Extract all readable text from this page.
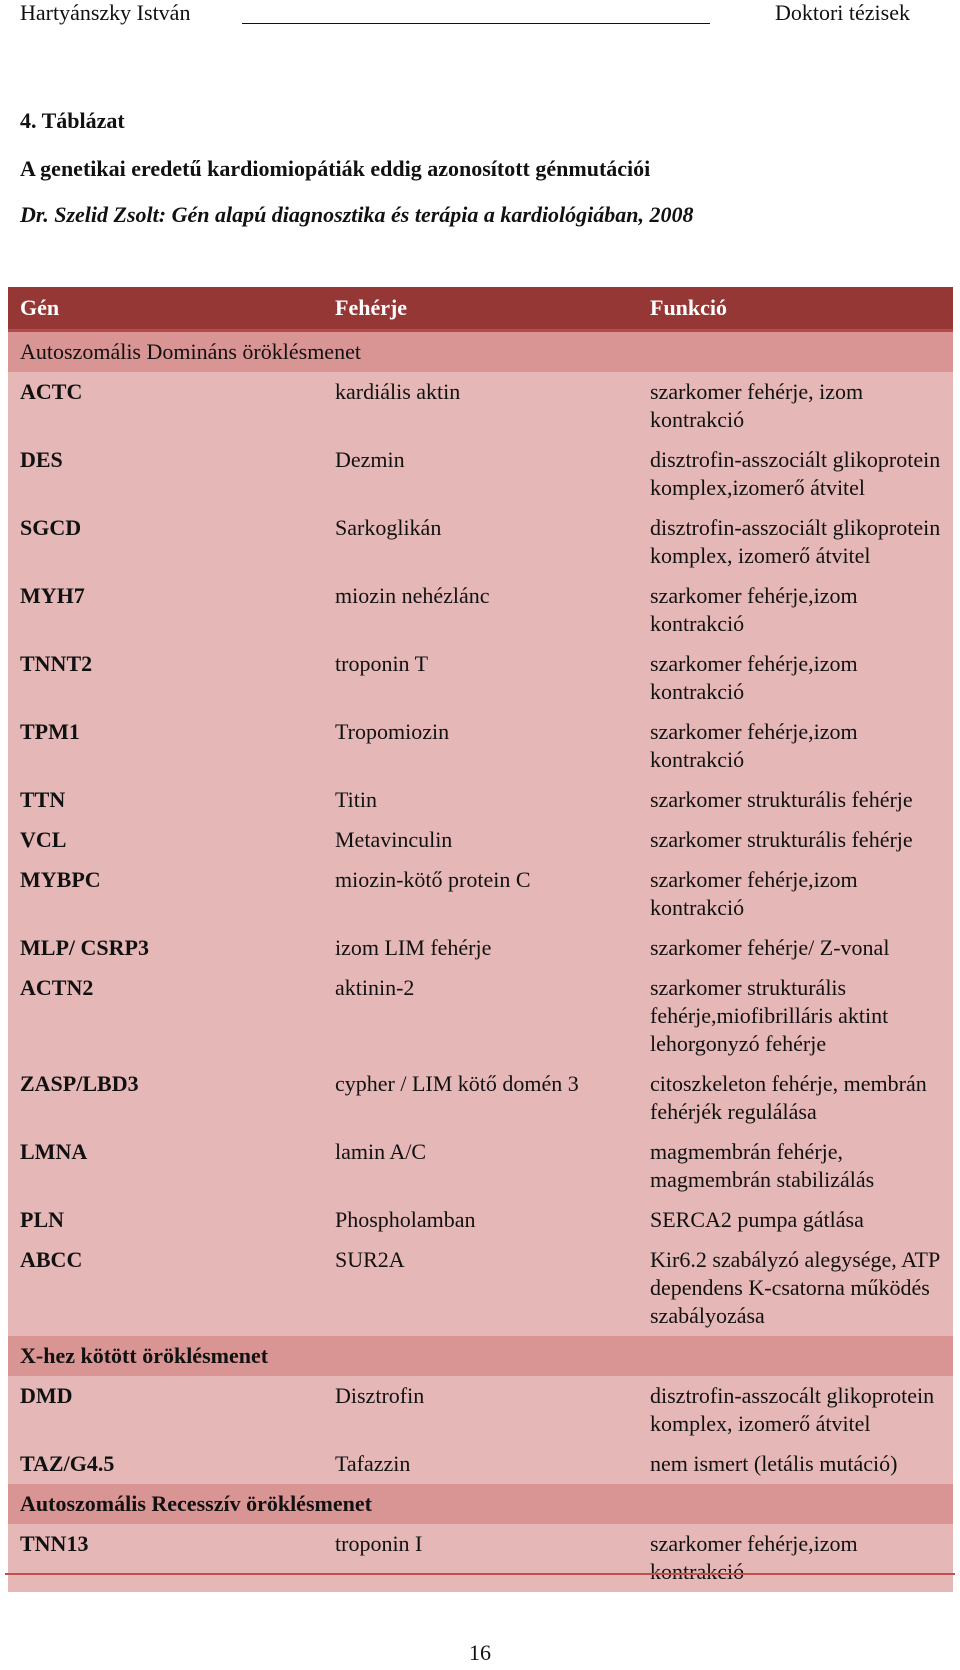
Hartyánszky István	Doktori tézisek
4. Táblázat
A genetikai eredetű kardiomiopátiák eddig azonosított génmutációi
Dr. Szelid Zsolt: Gén alapú diagnosztika és terápia a kardiológiában, 2008
Gén	Fehérje	Funkció
Autoszomális Domináns öröklésmenet		
ACTC	kardiális aktin	szarkomer fehérje, izom kontrakció
DES	Dezmin	disztrofin-asszociált glikoprotein komplex,izomerő átvitel
SGCD	Sarkoglikán	disztrofin-asszociált glikoprotein komplex, izomerő átvitel
MYH7	miozin nehézlánc	szarkomer fehérje,izom kontrakció
TNNT2	troponin T	szarkomer fehérje,izom kontrakció
TPM1	Tropomiozin	szarkomer fehérje,izom kontrakció
TTN	Titin	szarkomer strukturális fehérje
VCL	Metavinculin	szarkomer strukturális fehérje
MYBPC	miozin-kötő protein C	szarkomer fehérje,izom kontrakció
MLP/ CSRP3	izom LIM fehérje	szarkomer fehérje/ Z-vonal
ACTN2	aktinin-2	szarkomer strukturális fehérje,miofibrilláris aktint lehorgonyzó fehérje
ZASP/LBD3	cypher / LIM kötő domén 3	citoszkeleton fehérje, membrán fehérjék regulálása
LMNA	lamin A/C	magmembrán fehérje, magmembrán stabilizálás
PLN	Phospholamban	SERCA2 pumpa gátlása
ABCC	SUR2A	Kir6.2 szabályzó alegysége, ATP dependens K-csatorna működés szabályozása
X-hez kötött öröklésmenet		
DMD	Disztrofin	disztrofin-asszocált glikoprotein komplex, izomerő átvitel
TAZ/G4.5	Tafazzin	nem ismert (letális mutáció)
Autoszomális Recesszív öröklésmenet		
TNN13	troponin I	szarkomer fehérje,izom kontrakció
16
